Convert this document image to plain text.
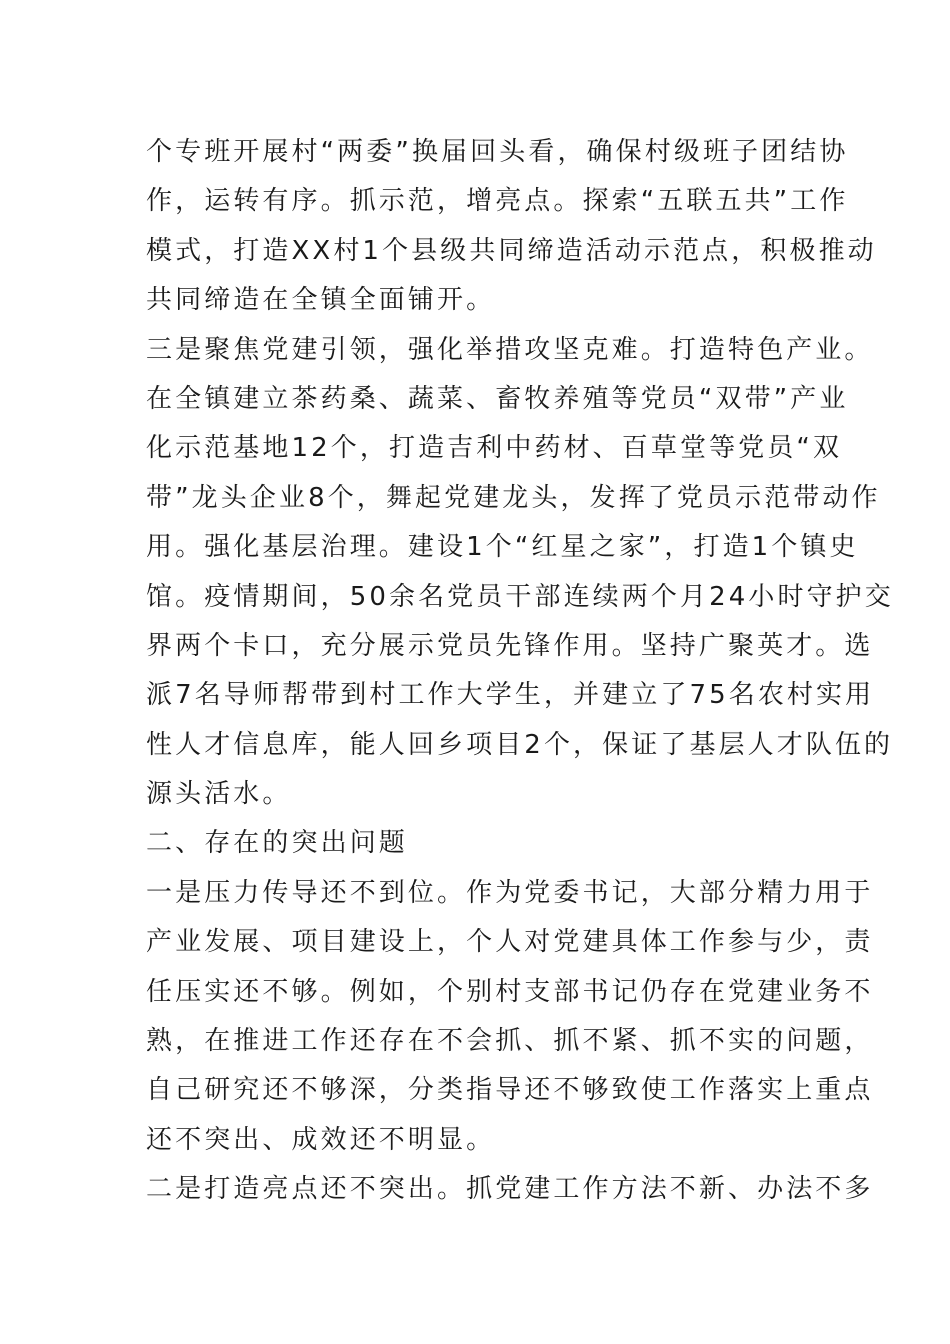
个专班开展村“两委”换届回头看，确保村级班子团结协
作，运转有序。抓示范，增亮点。探索“五联五共”工作
模式，打造XX村1个县级共同缔造活动示范点，积极推动
共同缔造在全镇全面铺开。
三是聚焦党建引领，强化举措攻坚克难。打造特色产业。
在全镇建立茶药桑、蔬菜、畜牧养殖等党员“双带”产业
化示范基地12个，打造吉利中药材、百草堂等党员“双
带”龙头企业8个，舞起党建龙头，发挥了党员示范带动作
用。强化基层治理。建设1个“红星之家”，打造1个镇史
馆。疫情期间，50余名党员干部连续两个月24小时守护交
界两个卡口，充分展示党员先锋作用。坚持广聚英才。选
派7名导师帮带到村工作大学生，并建立了75名农村实用
性人才信息库，能人回乡项目2个，保证了基层人才队伍的
源头活水。
二、存在的突出问题
一是压力传导还不到位。作为党委书记，大部分精力用于
产业发展、项目建设上，个人对党建具体工作参与少，责
任压实还不够。例如，个别村支部书记仍存在党建业务不
熟，在推进工作还存在不会抓、抓不紧、抓不实的问题，
自己研究还不够深，分类指导还不够致使工作落实上重点
还不突出、成效还不明显。
二是打造亮点还不突出。抓党建工作方法不新、办法不多
